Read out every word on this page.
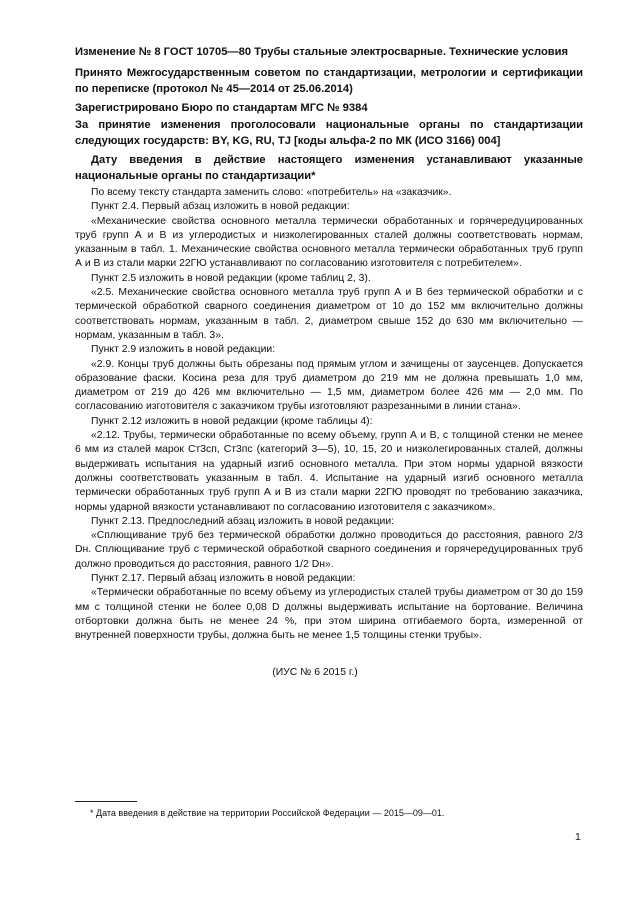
Изменение № 8 ГОСТ 10705—80 Трубы стальные электросварные. Технические условия
Принято Межгосударственным советом по стандартизации, метрологии и сертификации по переписке (протокол № 45—2014 от 25.06.2014)
Зарегистрировано Бюро по стандартам МГС № 9384
За принятие изменения проголосовали национальные органы по стандартизации следующих государств: BY, KG, RU, TJ [коды альфа-2 по МК (ИСО 3166) 004]
Дату введения в действие настоящего изменения устанавливают указанные национальные органы по стандартизации*

По всему тексту стандарта заменить слово: «потребитель» на «заказчик».

Пункт 2.4. Первый абзац изложить в новой редакции:

«Механические свойства основного металла термически обработанных и горячередуцированных труб групп А и В из углеродистых и низколегированных сталей должны соответствовать нормам, указанным в табл. 1. Механические свойства основного металла термически обработанных труб групп А и В из стали марки 22ГЮ устанавливают по согласованию изготовителя с потребителем».

Пункт 2.5 изложить в новой редакции (кроме таблиц 2, 3).

«2.5. Механические свойства основного металла труб групп А и В без термической обработки и с термической обработкой сварного соединения диаметром от 10 до 152 мм включительно должны соответствовать нормам, указанным в табл. 2, диаметром свыше 152 до 630 мм включительно — нормам, указанным в табл. 3».

Пункт 2.9 изложить в новой редакции:

«2.9. Концы труб должны быть обрезаны под прямым углом и зачищены от заусенцев. Допускается образование фаски. Косина реза для труб диаметром до 219 мм не должна превышать 1,0 мм, диаметром от 219 до 426 мм включительно — 1,5 мм, диаметром более 426 мм — 2,0 мм. По согласованию изготовителя с заказчиком трубы изготовляют разрезанными в линии стана».

Пункт 2.12 изложить в новой редакции (кроме таблицы 4):

«2.12. Трубы, термически обработанные по всему объему, групп А и В, с толщиной стенки не менее 6 мм из сталей марок Ст3сп, Ст3пс (категорий 3—5), 10, 15, 20 и низколегированных сталей, должны выдерживать испытания на ударный изгиб основного металла. При этом нормы ударной вязкости должны соответствовать указанным в табл. 4. Испытание на ударный изгиб основного металла термически обработанных труб групп А и В из стали марки 22ГЮ проводят по требованию заказчика, нормы ударной вязкости устанавливают по согласованию изготовителя с заказчиком».

Пункт 2.13. Предпоследний абзац изложить в новой редакции:

«Сплющивание труб без термической обработки должно проводиться до расстояния, равного 2/3 Dн. Сплющивание труб с термической обработкой сварного соединения и горячередуцированных труб должно проводиться до расстояния, равного 1/2 Dн».

Пункт 2.17. Первый абзац изложить в новой редакции:

«Термически обработанные по всему объему из углеродистых сталей трубы диаметром от 30 до 159 мм с толщиной стенки не более 0,08 D должны выдерживать испытание на бортование. Величина отбортовки должна быть не менее 24 %, при этом ширина отгибаемого борта, измеренной от внутренней поверхности трубы, должна быть не менее 1,5 толщины стенки трубы».

(ИУС № 6 2015 г.)
* Дата введения в действие на территории Российской Федерации — 2015—09—01.
1
